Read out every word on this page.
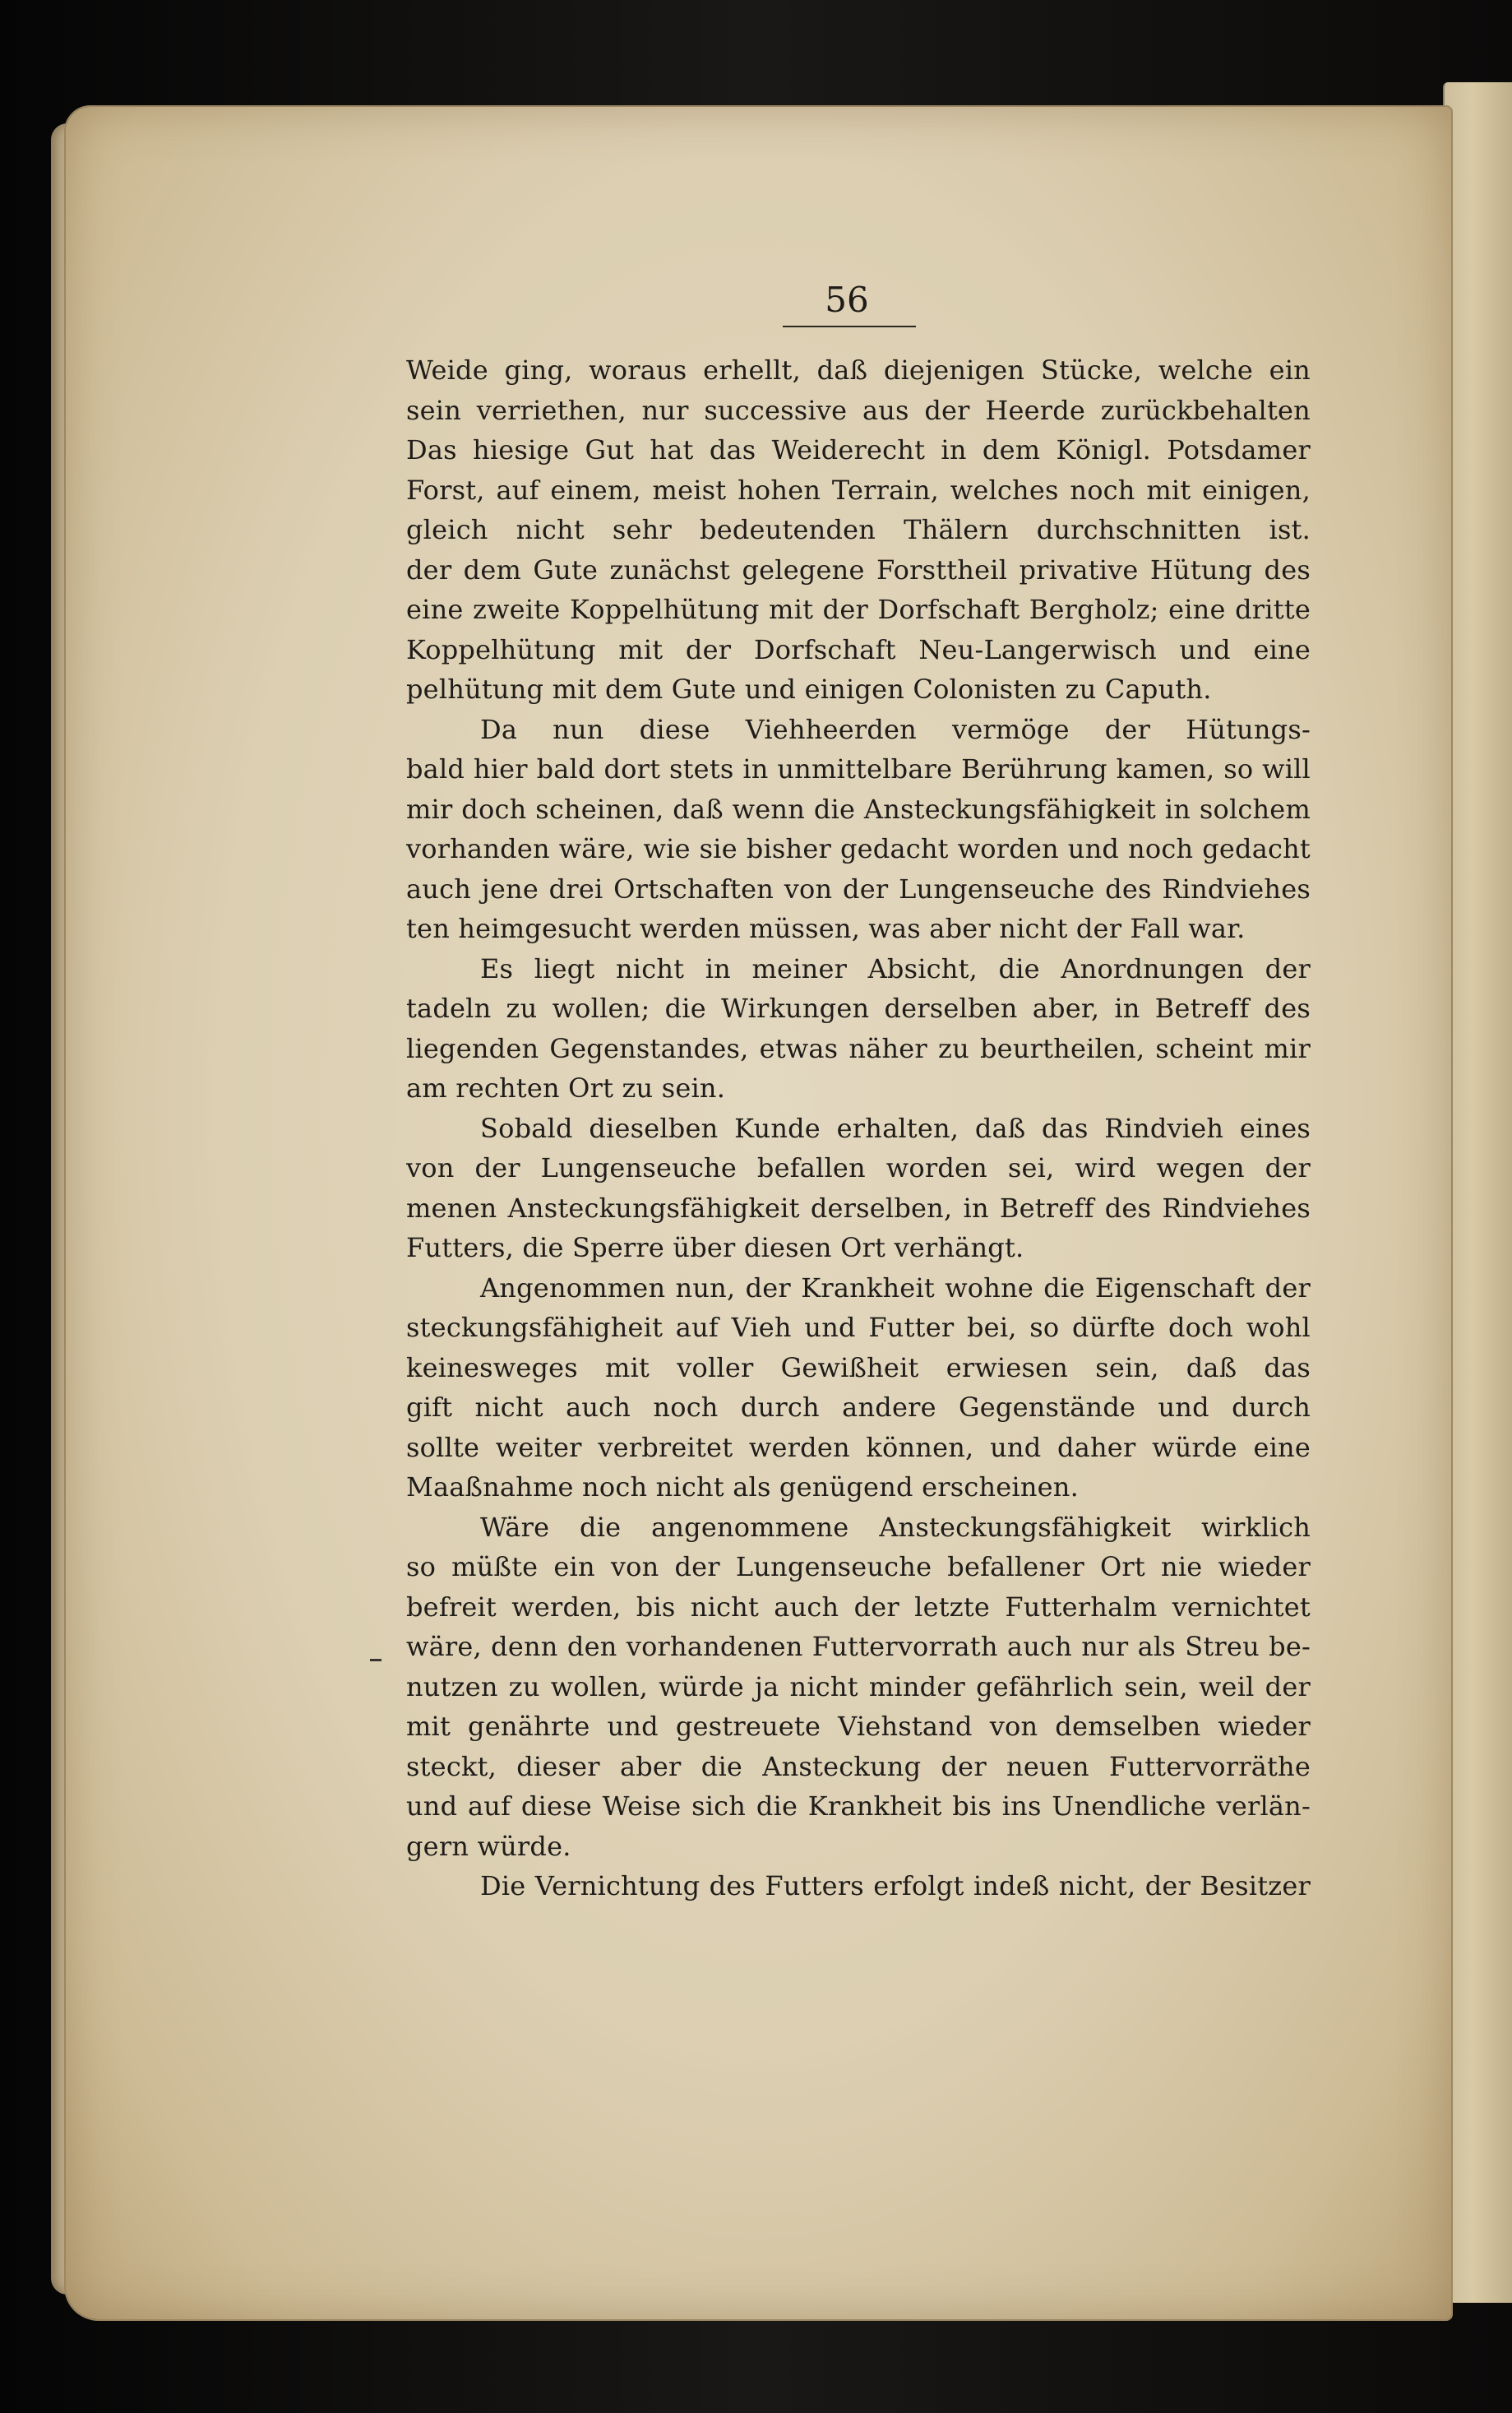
56
Weide ging, woraus erhellt, daß diejenigen Stücke, welche ein
sein verriethen, nur successive aus der Heerde zurückbehalten
Das hiesige Gut hat das Weiderecht in dem Königl. Potsdamer
Forst, auf einem, meist hohen Terrain, welches noch mit einigen,
gleich nicht sehr bedeutenden Thälern durchschnitten ist.
der dem Gute zunächst gelegene Forsttheil privative Hütung des
eine zweite Koppelhütung mit der Dorfschaft Bergholz; eine dritte
Koppelhütung mit der Dorfschaft Neu-Langerwisch und eine
pelhütung mit dem Gute und einigen Colonisten zu Caputh.
Da nun diese Viehheerden vermöge der Hütungs-
bald hier bald dort stets in unmittelbare Berührung kamen, so will
mir doch scheinen, daß wenn die Ansteckungsfähigkeit in solchem
vorhanden wäre, wie sie bisher gedacht worden und noch gedacht
auch jene drei Ortschaften von der Lungenseuche des Rindviehes
ten heimgesucht werden müssen, was aber nicht der Fall war.
Es liegt nicht in meiner Absicht, die Anordnungen der
tadeln zu wollen; die Wirkungen derselben aber, in Betreff des
liegenden Gegenstandes, etwas näher zu beurtheilen, scheint mir
am rechten Ort zu sein.
Sobald dieselben Kunde erhalten, daß das Rindvieh eines
von der Lungenseuche befallen worden sei, wird wegen der
menen Ansteckungsfähigkeit derselben, in Betreff des Rindviehes
Futters, die Sperre über diesen Ort verhängt.
Angenommen nun, der Krankheit wohne die Eigenschaft der
steckungsfähigheit auf Vieh und Futter bei, so dürfte doch wohl
keinesweges mit voller Gewißheit erwiesen sein, daß das
gift nicht auch noch durch andere Gegenstände und durch
sollte weiter verbreitet werden können, und daher würde eine
Maaßnahme noch nicht als genügend erscheinen.
Wäre die angenommene Ansteckungsfähigkeit wirklich
so müßte ein von der Lungenseuche befallener Ort nie wieder
befreit werden, bis nicht auch der letzte Futterhalm vernichtet
wäre, denn den vorhandenen Futtervorrath auch nur als Streu be-
nutzen zu wollen, würde ja nicht minder gefährlich sein, weil der
mit genährte und gestreuete Viehstand von demselben wieder
steckt, dieser aber die Ansteckung der neuen Futtervorräthe
und auf diese Weise sich die Krankheit bis ins Unendliche verlän-
gern würde.
Die Vernichtung des Futters erfolgt indeß nicht, der Besitzer
